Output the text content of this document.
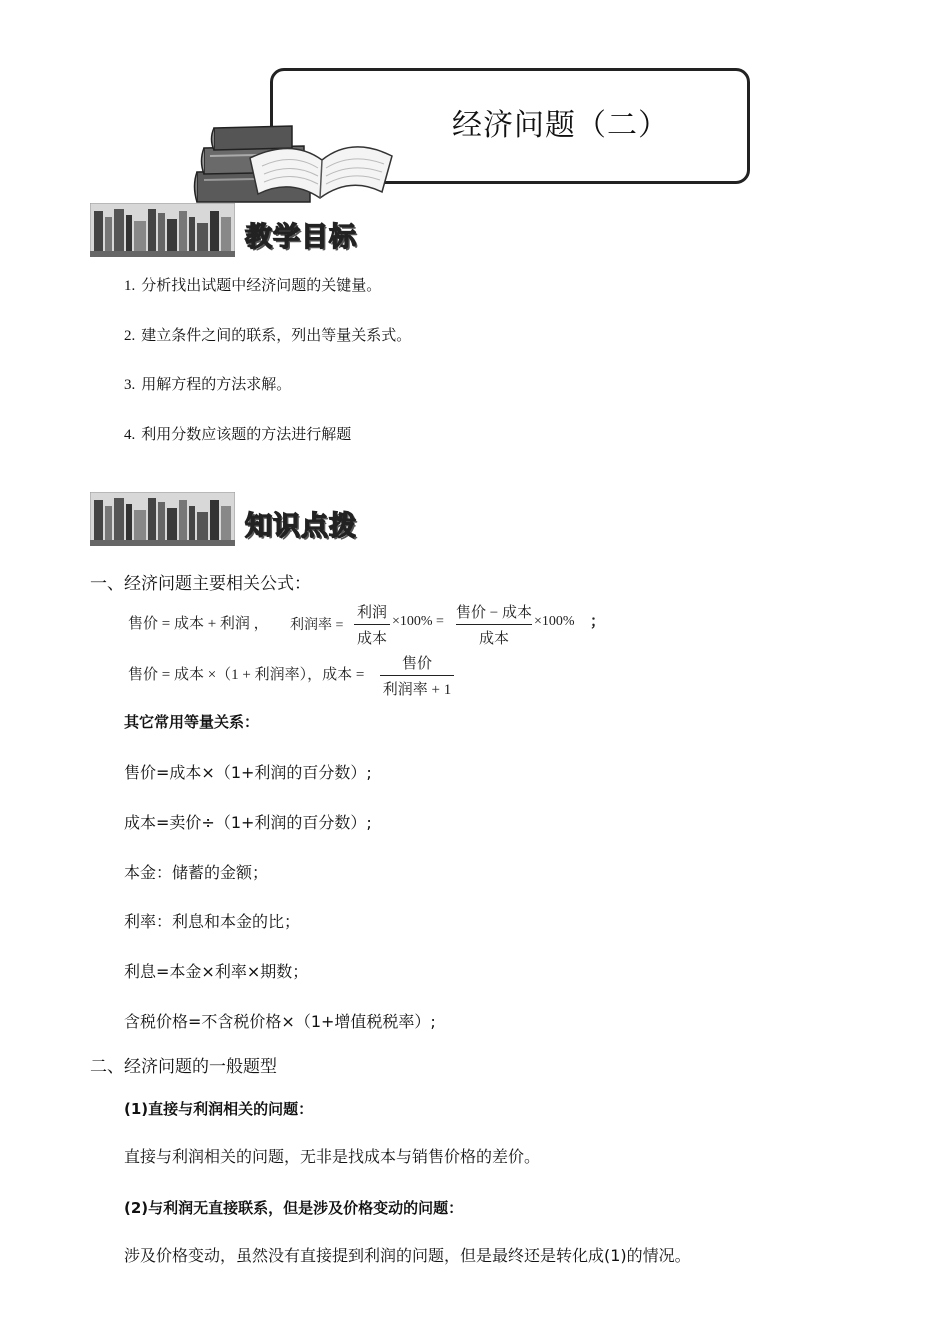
经济问题（二）
教学目标
1. 分析找出试题中经济问题的关键量。
2. 建立条件之间的联系，列出等量关系式。
3. 用解方程的方法求解。
4. 利用分数应该题的方法进行解题
知识点拨
一、经济问题主要相关公式：
售价 = 成本 + 利润 ， 利润率 =
利润
成本
×100% =
售价 − 成本
成本
×100% ；
售价 = 成本 ×（1 + 利润率），成本 =
售价
利润率 + 1
其它常用等量关系：
售价=成本×（1+利润的百分数）;
成本=卖价÷（1+利润的百分数）;
本金：储蓄的金额；
利率：利息和本金的比；
利息=本金×利率×期数；
含税价格=不含税价格×（1+增值税税率）;
二、经济问题的一般题型
(1)直接与利润相关的问题：
直接与利润相关的问题，无非是找成本与销售价格的差价。
(2)与利润无直接联系，但是涉及价格变动的问题：
涉及价格变动，虽然没有直接提到利润的问题，但是最终还是转化成(1)的情况。
